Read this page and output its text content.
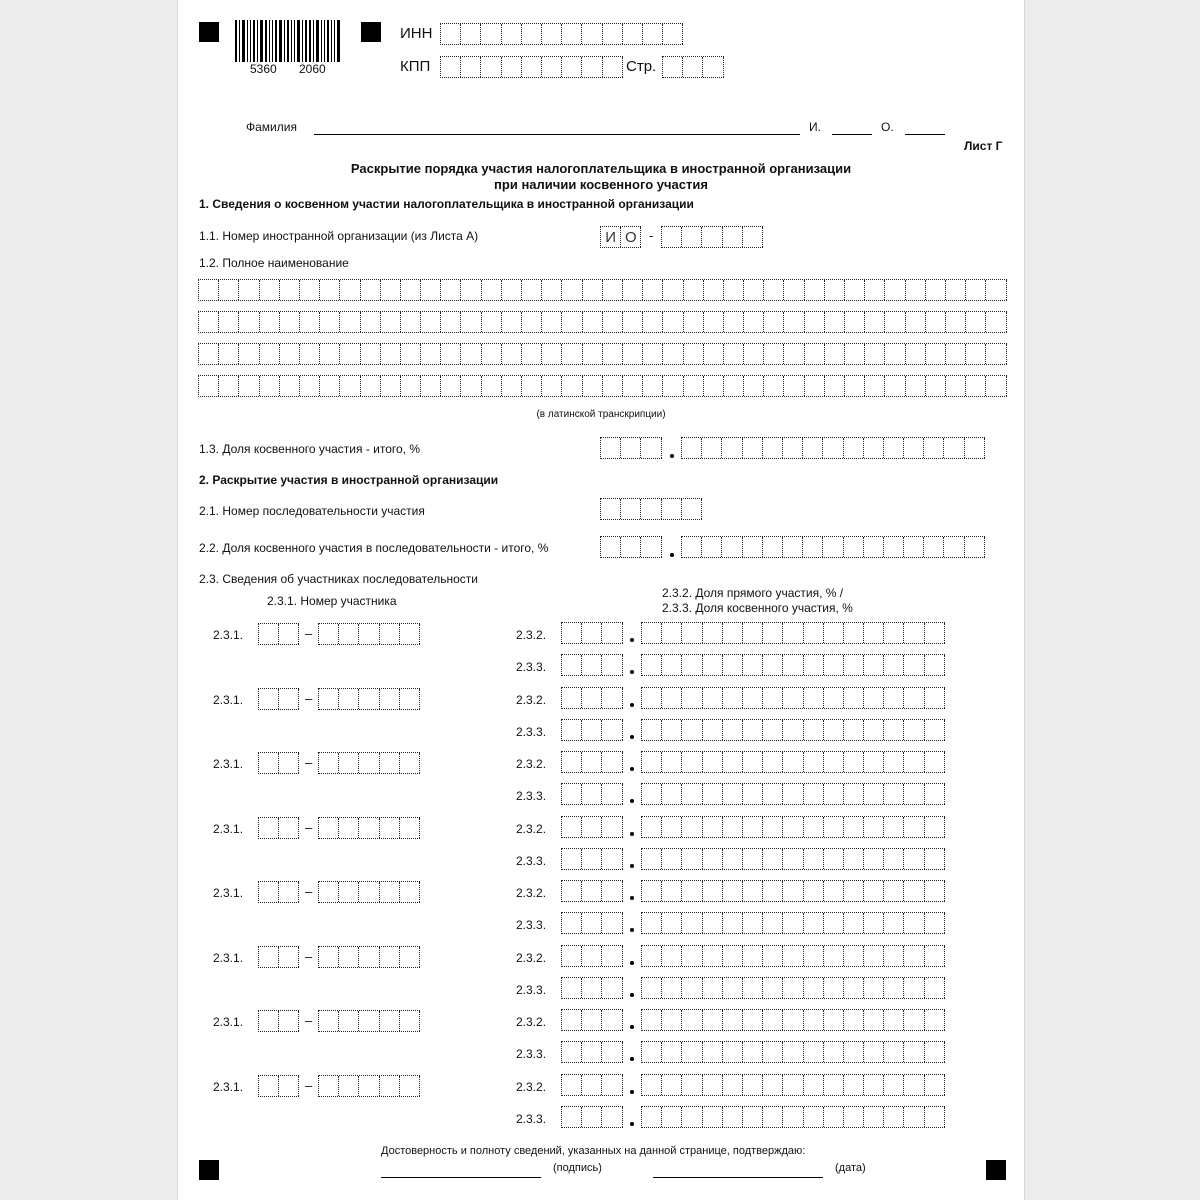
5360 2060
ИНН
КПП	Стр.
Фамилия	И.	О.
Лист Г
Раскрытие порядка участия налогоплательщика в иностранной организации
при наличии косвенного участия
1. Сведения о косвенном участии налогоплательщика в иностранной организации
1.1. Номер иностранной организации (из Листа А)	И О -
1.2. Полное наименование
(в латинской транскрипции)
1.3. Доля косвенного участия - итого, %
2. Раскрытие участия в иностранной организации
2.1. Номер последовательности участия
2.2. Доля косвенного участия в последовательности - итого, %
2.3. Сведения об участниках последовательности
2.3.1. Номер участника
2.3.2. Доля прямого участия, % /
2.3.3. Доля косвенного участия, %
2.3.1.	–	2.3.2.
2.3.3.
2.3.1.	–	2.3.2.
2.3.3.
2.3.1.	–	2.3.2.
2.3.3.
2.3.1.	–	2.3.2.
2.3.3.
2.3.1.	–	2.3.2.
2.3.3.
2.3.1.	–	2.3.2.
2.3.3.
2.3.1.	–	2.3.2.
2.3.3.
2.3.1.	–	2.3.2.
2.3.3.
Достоверность и полноту сведений, указанных на данной странице, подтверждаю:
(подпись)	(дата)
